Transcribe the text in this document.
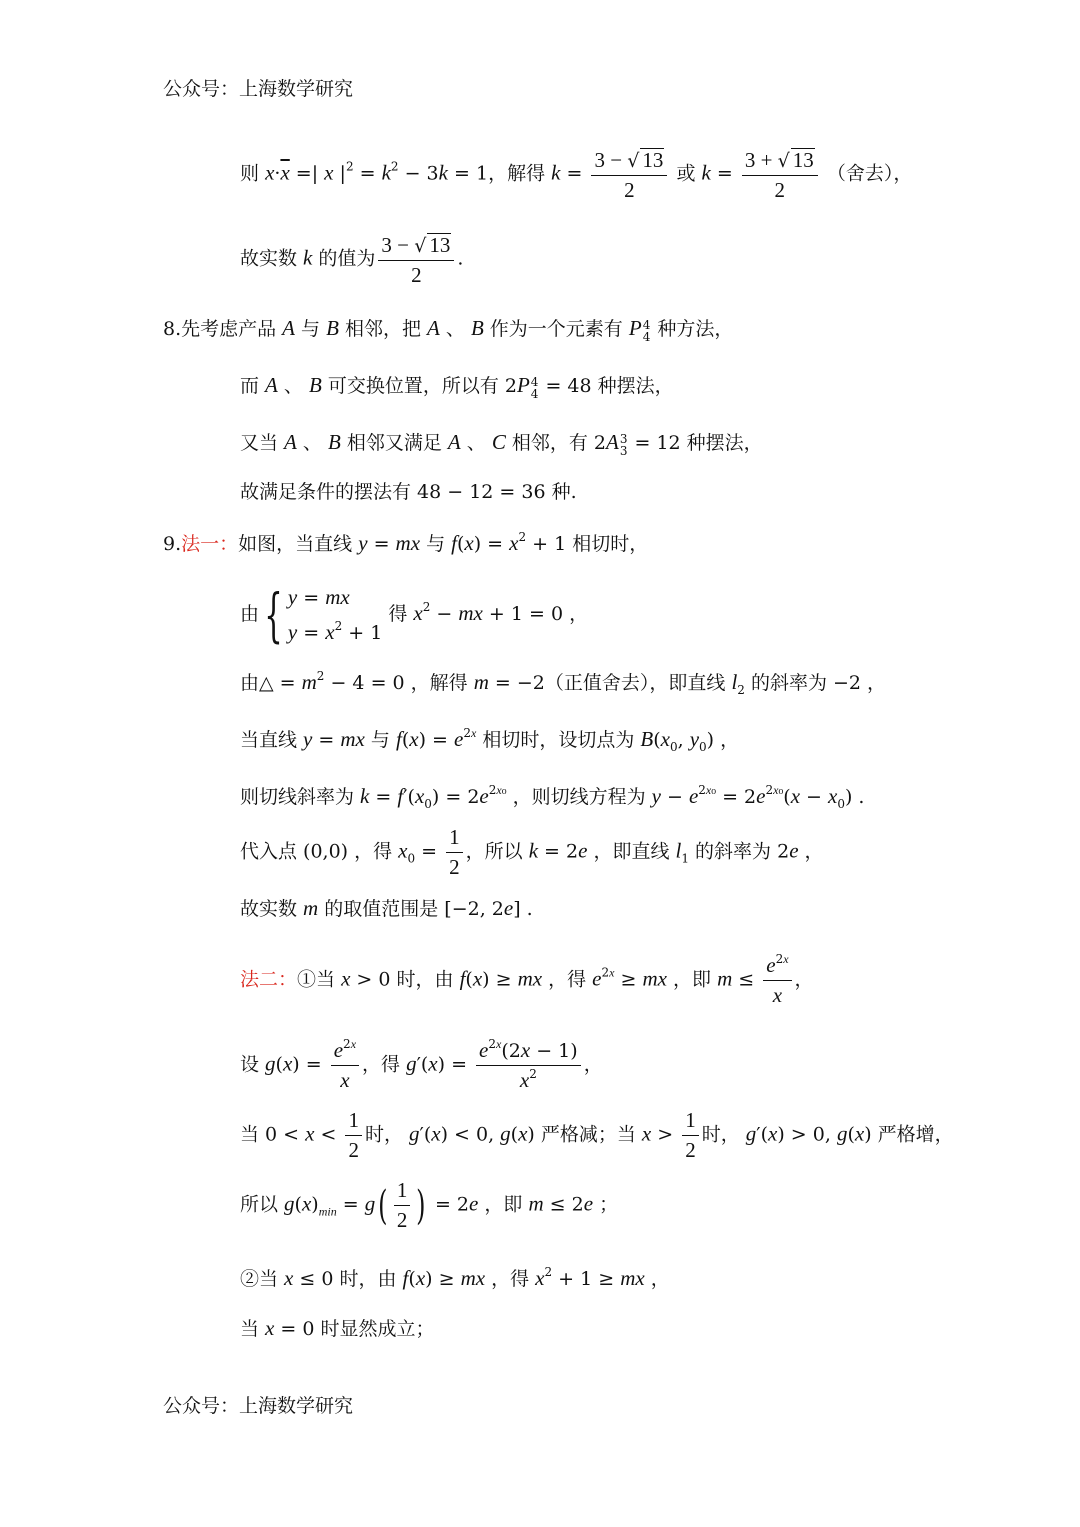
公众号：上海数学研究
则 $x\cdot\overline{x}$ =| x $|^2 = k^2 - 3k = 1$，解得 $k = \frac{3 - √ 13}{2}$ 或 $k = \frac{3 + √ 13}{2}$ （舍去），
故实数 k 的值为 $\frac{3 - √ 13}{2}$ .
8.先考虑产品 A 与 B 相邻，把 A 、 B 作为一个元素有 P4
4 种方法，
而 A 、 B 可交换位置，所以有 2P4
4 = 48 种摆法，
又当 A 、 B 相邻又满足 A 、 C 相邻，有 2A3
3 = 12 种摆法，
故满足条件的摆法有 48 − 12 = 36 种.
9.法一：如图，当直线 y = mx 与 $f(x) = x^2 + 1$ 相切时，
由{ y = mx
$y = x^2 + 1$ 得 $x^2$ − mx + 1 = 0 ，
由△ = $m^2 - 4 = 0$ ，解得 m = −2（正值舍去），即直线 $l_2$ 的斜率为 −2 ，
当直线 y = mx 与 $f(x) = e^{2x}$ 相切时，设切点为 $B(x_0$, $y_0$) ，
则切线斜率为 $k = f'(x_0) = 2e^{2x_0}$ ，则切线方程为 $y - e^{2x_0} = 2e^{2x_0}(x - x_0)$ .
代入点 (0,0) ，得 $x_0 = \frac{1}{2}$ ，所以 k = 2e ，即直线 $l_1$ 的斜率为 2e ，
故实数 m 的取值范围是 [−2, 2e] .
法二：①当 x > 0 时，由 f(x) ≥ mx ，得 $e^{2x}$ ≥ mx ，即 $m \le \frac{e^{2x}}{x}$ ，
设 $g(x) = \frac{e^{2x}}{x}$ ，得 $g'(x) = \frac{e^{2x}(2x - 1)}{x^2}$ ，
当 $0 < x < \frac{1}{2}$ 时， g′(x) < 0, g(x) 严格减；当 $x > \frac{1}{2}$ 时， g′(x) > 0, g(x) 严格增，
所以 $g(x)_{min} = g( \frac{1}{2}$ ) = 2e ，即 m ≤ 2e ；
②当 x ≤ 0 时，由 f(x) ≥ mx ，得 $x^2 + 1$ ≥ mx ，
当 x = 0 时显然成立；
公众号：上海数学研究
